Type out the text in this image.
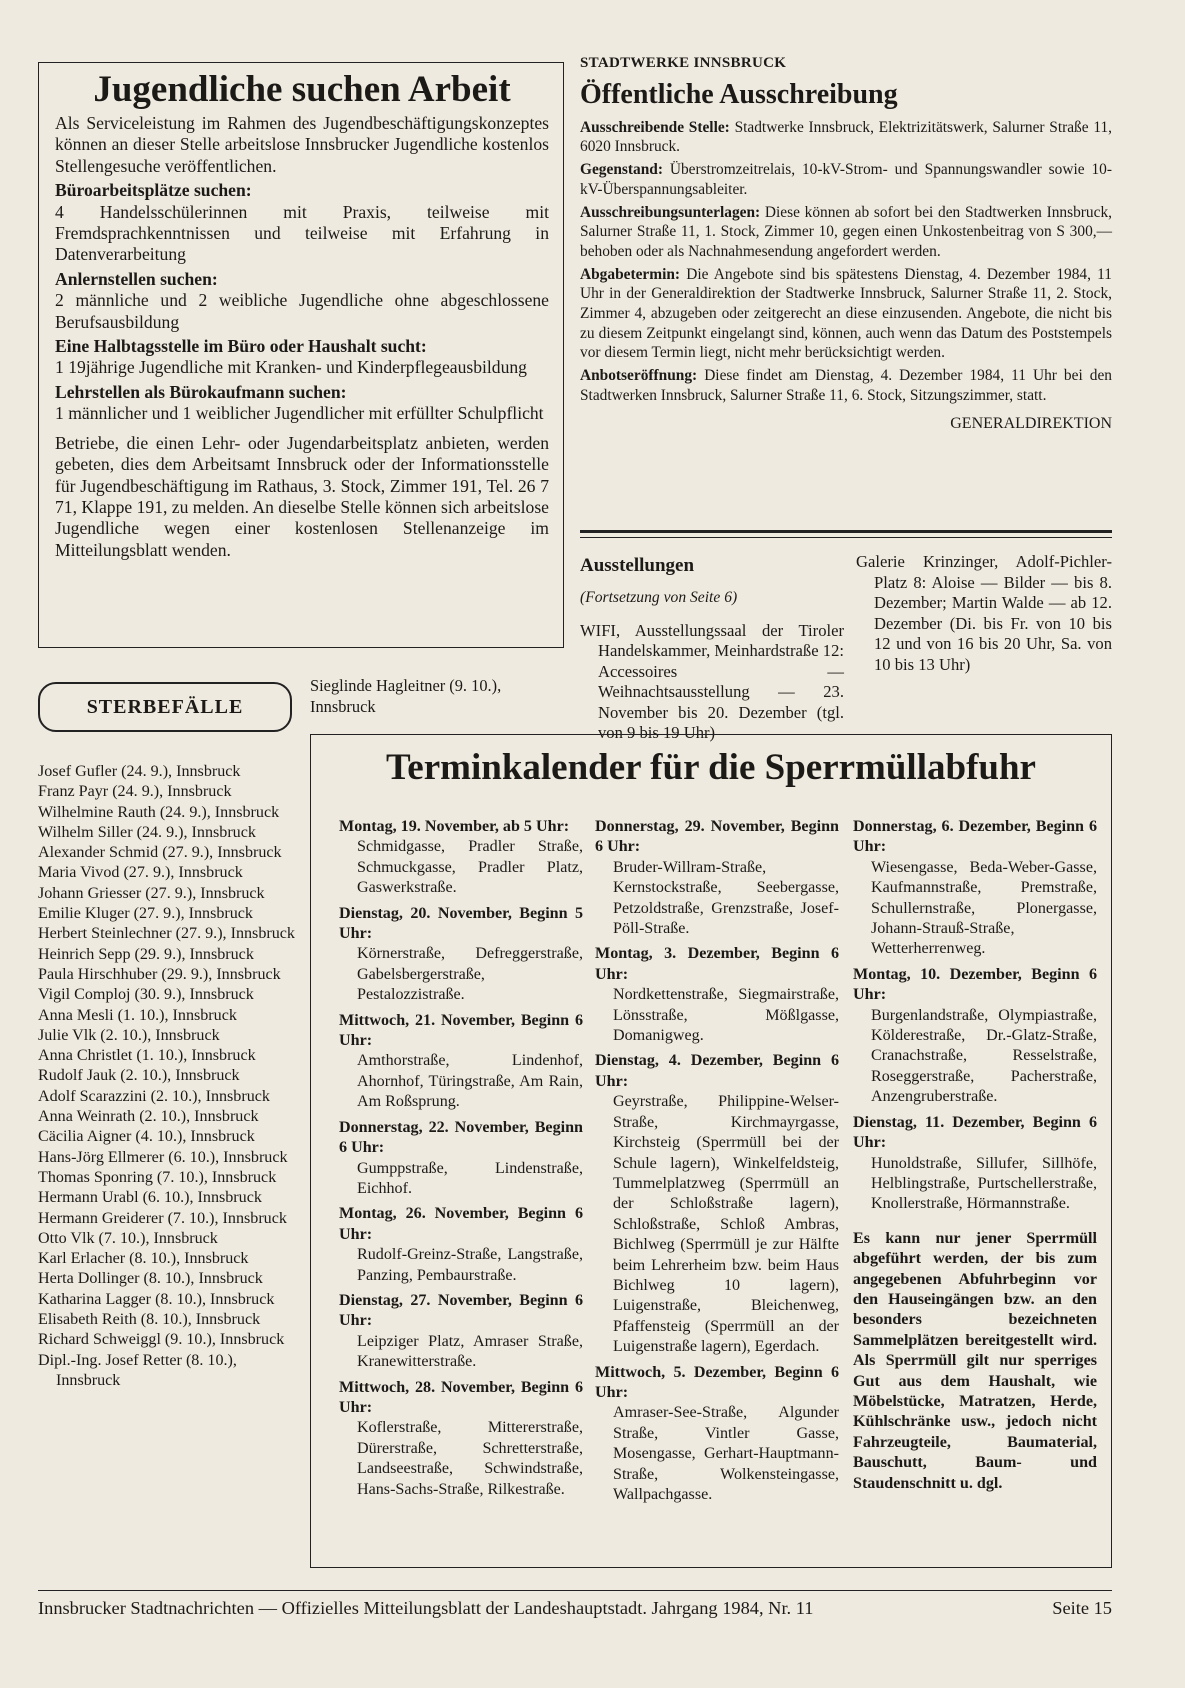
Jugendliche suchen Arbeit

Als Serviceleistung im Rahmen des Jugendbeschäftigungskonzeptes können an dieser Stelle arbeitslose Innsbrucker Jugendliche kostenlos Stellengesuche veröffentlichen.

Büroarbeitsplätze suchen:

4 Handelsschülerinnen mit Praxis, teilweise mit Fremdsprachkenntnissen und teilweise mit Erfahrung in Datenverarbeitung

Anlernstellen suchen:

2 männliche und 2 weibliche Jugendliche ohne abgeschlossene Berufsausbildung

Eine Halbtagsstelle im Büro oder Haushalt sucht:

1 19jährige Jugendliche mit Kranken- und Kinderpflegeausbildung

Lehrstellen als Bürokaufmann suchen:

1 männlicher und 1 weiblicher Jugendlicher mit erfüllter Schulpflicht

Betriebe, die einen Lehr- oder Jugendarbeitsplatz anbieten, werden gebeten, dies dem Arbeitsamt Innsbruck oder der Informationsstelle für Jugendbeschäftigung im Rathaus, 3. Stock, Zimmer 191, Tel. 26 7 71, Klappe 191, zu melden. An dieselbe Stelle können sich arbeitslose Jugendliche wegen einer kostenlosen Stellenanzeige im Mitteilungsblatt wenden.

STADTWERKE INNSBRUCK
Öffentliche Ausschreibung

Ausschreibende Stelle: Stadtwerke Innsbruck, Elektrizitätswerk, Salurner Straße 11, 6020 Innsbruck.

Gegenstand: Überstromzeitrelais, 10-kV-Strom- und Spannungswandler sowie 10-kV-Überspannungsableiter.

Ausschreibungsunterlagen: Diese können ab sofort bei den Stadtwerken Innsbruck, Salurner Straße 11, 1. Stock, Zimmer 10, gegen einen Unkostenbeitrag von S 300,— behoben oder als Nachnahmesendung angefordert werden.

Abgabetermin: Die Angebote sind bis spätestens Dienstag, 4. Dezember 1984, 11 Uhr in der Generaldirektion der Stadtwerke Innsbruck, Salurner Straße 11, 2. Stock, Zimmer 4, abzugeben oder zeitgerecht an diese einzusenden. Angebote, die nicht bis zu diesem Zeitpunkt eingelangt sind, können, auch wenn das Datum des Poststempels vor diesem Termin liegt, nicht mehr berücksichtigt werden.

Anbotseröffnung: Diese findet am Dienstag, 4. Dezember 1984, 11 Uhr bei den Stadtwerken Innsbruck, Salurner Straße 11, 6. Stock, Sitzungszimmer, statt.

GENERALDIREKTION
Ausstellungen

(Fortsetzung von Seite 6)

WIFI, Ausstellungssaal der Tiroler Handelskammer, Meinhardstraße 12: Accessoires — Weihnachtsausstellung — 23. November bis 20. Dezember (tgl. von 9 bis 19 Uhr)

Galerie Krinzinger, Adolf-Pichler-Platz 8: Aloise — Bilder — bis 8. Dezember; Martin Walde — ab 12. Dezember (Di. bis Fr. von 10 bis 12 und von 16 bis 20 Uhr, Sa. von 10 bis 13 Uhr)

STERBEFÄLLE
Sieglinde Hagleitner (9. 10.), Innsbruck
Josef Gufler (24. 9.), Innsbruck
Franz Payr (24. 9.), Innsbruck
Wilhelmine Rauth (24. 9.), Innsbruck
Wilhelm Siller (24. 9.), Innsbruck
Alexander Schmid (27. 9.), Innsbruck
Maria Vivod (27. 9.), Innsbruck
Johann Griesser (27. 9.), Innsbruck
Emilie Kluger (27. 9.), Innsbruck
Herbert Steinlechner (27. 9.), Innsbruck
Heinrich Sepp (29. 9.), Innsbruck
Paula Hirschhuber (29. 9.), Innsbruck
Vigil Comploj (30. 9.), Innsbruck
Anna Mesli (1. 10.), Innsbruck
Julie Vlk (2. 10.), Innsbruck
Anna Christlet (1. 10.), Innsbruck
Rudolf Jauk (2. 10.), Innsbruck
Adolf Scarazzini (2. 10.), Innsbruck
Anna Weinrath (2. 10.), Innsbruck
Cäcilia Aigner (4. 10.), Innsbruck
Hans-Jörg Ellmerer (6. 10.), Innsbruck
Thomas Sponring (7. 10.), Innsbruck
Hermann Urabl (6. 10.), Innsbruck
Hermann Greiderer (7. 10.), Innsbruck
Otto Vlk (7. 10.), Innsbruck
Karl Erlacher (8. 10.), Innsbruck
Herta Dollinger (8. 10.), Innsbruck
Katharina Lagger (8. 10.), Innsbruck
Elisabeth Reith (8. 10.), Innsbruck
Richard Schweiggl (9. 10.), Innsbruck
Dipl.-Ing. Josef Retter (8. 10.), Innsbruck
Terminkalender für die Sperrmüllabfuhr
Montag, 19. November, ab 5 Uhr:
Schmidgasse, Pradler Straße, Schmuckgasse, Pradler Platz, Gaswerkstraße.
Dienstag, 20. November, Beginn 5 Uhr:
Körnerstraße, Defreggerstraße, Gabelsbergerstraße, Pestalozzistraße.
Mittwoch, 21. November, Beginn 6 Uhr:
Amthorstraße, Lindenhof, Ahornhof, Türingstraße, Am Rain, Am Roßsprung.
Donnerstag, 22. November, Beginn 6 Uhr:
Gumppstraße, Lindenstraße, Eichhof.
Montag, 26. November, Beginn 6 Uhr:
Rudolf-Greinz-Straße, Langstraße, Panzing, Pembaurstraße.
Dienstag, 27. November, Beginn 6 Uhr:
Leipziger Platz, Amraser Straße, Kranewitterstraße.
Mittwoch, 28. November, Beginn 6 Uhr:
Koflerstraße, Mittererstraße, Dürerstraße, Schretterstraße, Landseestraße, Schwindstraße, Hans-Sachs-Straße, Rilkestraße.
Donnerstag, 29. November, Beginn 6 Uhr:
Bruder-Willram-Straße, Kernstockstraße, Seebergasse, Petzoldstraße, Grenzstraße, Josef-Pöll-Straße.
Montag, 3. Dezember, Beginn 6 Uhr:
Nordkettenstraße, Siegmairstraße, Lönsstraße, Mößlgasse, Domanigweg.
Dienstag, 4. Dezember, Beginn 6 Uhr:
Geyrstraße, Philippine-Welser-Straße, Kirchmayrgasse, Kirchsteig (Sperrmüll bei der Schule lagern), Winkelfeldsteig, Tummelplatzweg (Sperrmüll an der Schloßstraße lagern), Schloßstraße, Schloß Ambras, Bichlweg (Sperrmüll je zur Hälfte beim Lehrerheim bzw. beim Haus Bichlweg 10 lagern), Luigenstraße, Bleichenweg, Pfaffensteig (Sperrmüll an der Luigenstraße lagern), Egerdach.
Mittwoch, 5. Dezember, Beginn 6 Uhr:
Amraser-See-Straße, Algunder Straße, Vintler Gasse, Mosengasse, Gerhart-Hauptmann-Straße, Wolkensteingasse, Wallpachgasse.
Donnerstag, 6. Dezember, Beginn 6 Uhr:
Wiesengasse, Beda-Weber-Gasse, Kaufmannstraße, Premstraße, Schullernstraße, Plonergasse, Johann-Strauß-Straße, Wetterherrenweg.
Montag, 10. Dezember, Beginn 6 Uhr:
Burgenlandstraße, Olympiastraße, Kölderestraße, Dr.-Glatz-Straße, Cranachstraße, Resselstraße, Roseggerstraße, Pacherstraße, Anzengruberstraße.
Dienstag, 11. Dezember, Beginn 6 Uhr:
Hunoldstraße, Sillufer, Sillhöfe, Helblingstraße, Purtschellerstraße, Knollerstraße, Hörmannstraße.
Es kann nur jener Sperrmüll abgeführt werden, der bis zum angegebenen Abfuhrbeginn vor den Hauseingängen bzw. an den besonders bezeichneten Sammelplätzen bereitgestellt wird. Als Sperrmüll gilt nur sperriges Gut aus dem Haushalt, wie Möbelstücke, Matratzen, Herde, Kühlschränke usw., jedoch nicht Fahrzeugteile, Baumaterial, Bauschutt, Baum- und Staudenschnitt u. dgl.
Innsbrucker Stadtnachrichten — Offizielles Mitteilungsblatt der Landeshauptstadt. Jahrgang 1984, Nr. 11	Seite 15
